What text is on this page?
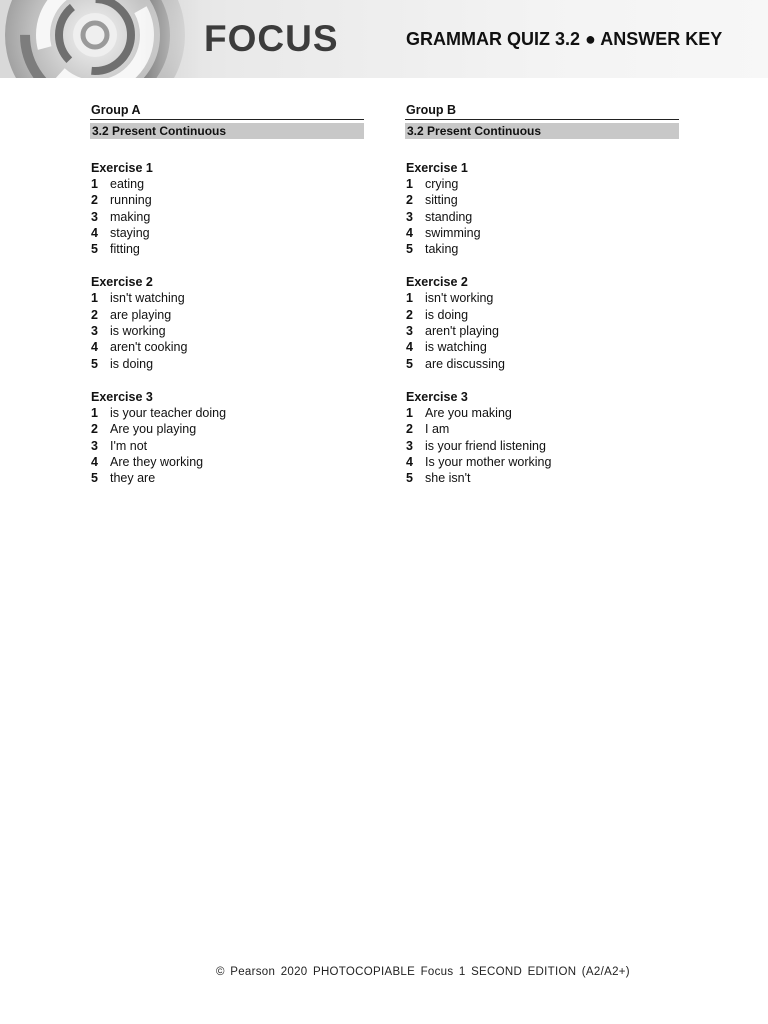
FOCUS	GRAMMAR QUIZ 3.2 ● ANSWER KEY
Group A
3.2 Present Continuous
Exercise 1
1 eating
2 running
3 making
4 staying
5 fitting
Exercise 2
1 isn't watching
2 are playing
3 is working
4 aren't cooking
5 is doing
Exercise 3
1 is your teacher doing
2 Are you playing
3 I'm not
4 Are they working
5 they are
Group B
3.2 Present Continuous
Exercise 1
1 crying
2 sitting
3 standing
4 swimming
5 taking
Exercise 2
1 isn't working
2 is doing
3 aren't playing
4 is watching
5 are discussing
Exercise 3
1 Are you making
2 I am
3 is your friend listening
4 Is your mother working
5 she isn't
© Pearson 2020 PHOTOCOPIABLE Focus 1 SECOND EDITION (A2/A2+)
